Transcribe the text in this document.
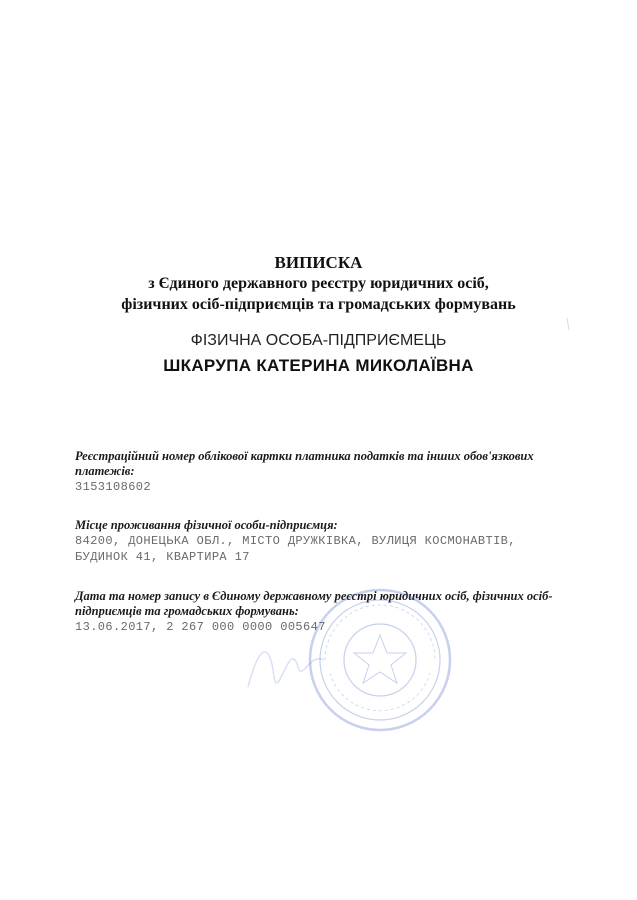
ВИПИСКА

з Єдиного державного реєстру юридичних осіб,

фізичних осіб-підприємців та громадських формувань

ФІЗИЧНА ОСОБА-ПІДПРИЄМЕЦЬ
ШКАРУПА КАТЕРИНА МИКОЛАЇВНА
Реєстраційний номер облікової картки платника податків та інших обов'язкових платежів:
3153108602
Місце проживання фізичної особи-підприємця:
84200, ДОНЕЦЬКА ОБЛ., МІСТО ДРУЖКІВКА, ВУЛИЦЯ КОСМОНАВТІВ,
БУДИНОК 41, КВАРТИРА 17
Дата та номер запису в Єдиному державному реєстрі юридичних осіб, фізичних осіб-підприємців та громадських формувань:
13.06.2017, 2 267 000 0000 005647
